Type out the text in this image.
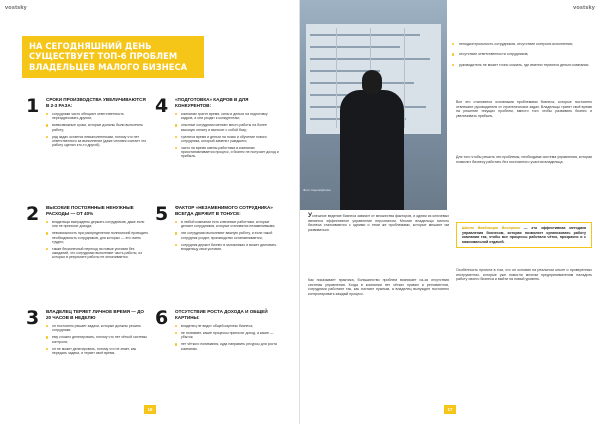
vostsky
НА СЕГОДНЯШНИЙ ДЕНЬ
СУЩЕСТВУЕТ ТОП-6 ПРОБЛЕМ
ВЛАДЕЛЬЦЕВ МАЛОГО БИЗНЕСА
1 СРОКИ ПРОИЗВОДСТВА УВЕЛИЧИВАЮТСЯ В 2-3 РАЗА:
сотрудники часто обещают ответственность переадресовать другим;
всевозможные сроки, которые должны были выполнить работу;
ряд задач остается невыполненными, потому что нет ответственного за выполнение (даже человек считает что работу сделал кто-то другой).
4 «ПОДГОТОВКА» КАДРОВ В ДЛЯ КОНКУРЕНТОВ:
компании тратят время, силы и деньги на подготовку кадров, а они уходят к конкурентам;
опытные сотрудники меняют место работы на более высокую оплату и выносят с собой базу;
тратятся время и деньги на поиск и обучение нового сотрудника, который заменит ушедшего;
часто на время смены работника в компании приостанавливается процесс, и бизнес не получает доход и прибыль.
2 ВЫСОКИЕ ПОСТОЯННЫЕ НЕНУЖНЫЕ РАСХОДЫ — ОТ 40%
владельцы вынуждены держать сотрудников, даже если они не приносят дохода;
невозможность при распределении полномочий проводить необходимость сотрудников, для которых — это очень трудно;
также бесконечный переход на новые условия без ожиданий, что сотрудники выполняют часть работы, из которых в результате работы не оплачивается.
5 ФАКТОР «НЕЗАМЕНИМОГО СОТРУДНИКА» ВСЕГДА ДЕРЖИТ В ТОНУСЕ:
в любой компании есть ключевые работники, которые делают сотрудников, которые становятся незаменимыми;
эти сотрудники выполняют важную работу, и если такой сотрудник уходит, производство останавливается;
сотрудник держит бизнес в заложниках и может диктовать владельцу свои условия.
3 ВЛАДЕЛЕЦ ТЕРЯЕТ ЛИЧНОЕ ВРЕМЯ — ДО 20 ЧАСОВ В НЕДЕЛЮ
он постоянно решает задачи, которые должны решать сотрудники;
ему сложно делегировать, потому что нет чёткой системы контроля;
он не может делегировать, потому что не знает, как передать задачи, и теряет своё время.
6 ОТСУТСТВИЕ РОСТА ДОХОДА И ОБЩЕЙ КАРТИНЫ:
владелец не видит общей картины бизнеса;
не понимает, какие процессы приносят доход, а какие — убыток;
нет чёткого понимания, куда направить ресурсы для роста компании.
16
vostsky
Фото: Depositphotos
неподконтрольность сотрудников, отсутствие контроля исполнения;
отсутствие ответственности сотрудников;
руководитель не может точно сказать, где именно теряются деньги компании.

Все это становится основными проблемами бизнеса, которые постоянно отвлекают руководителя от стратегических задач. Владельцы тратят своё время на решение текущих проблем, вместо того чтобы развивать бизнес и увеличивать прибыль.

Для того чтобы решить эти проблемы, необходима система управления, которая позволит бизнесу работать без постоянного участия владельца.

Школа Владимира Вострого — это эффективная методика управления бизнесом, которая позволяет организовать работу компании так, чтобы все процессы работали чётко, прозрачно и с максимальной отдачей.

Особенность проекта в том, что он основан на реальном опыте и проверенных инструментах, которые уже помогли многим предпринимателям наладить работу своего бизнеса и выйти на новый уровень.

Успешное ведение бизнеса зависит от множества факторов, и одним из ключевых является эффективное управление персоналом. Многие владельцы малого бизнеса сталкиваются с одними и теми же проблемами, которые мешают им развиваться.

Как показывает практика, большинство проблем возникает из-за отсутствия системы управления. Когда в компании нет чётких правил и регламентов, сотрудники работают так, как считают нужным, а владелец вынужден постоянно контролировать каждый процесс.

17
